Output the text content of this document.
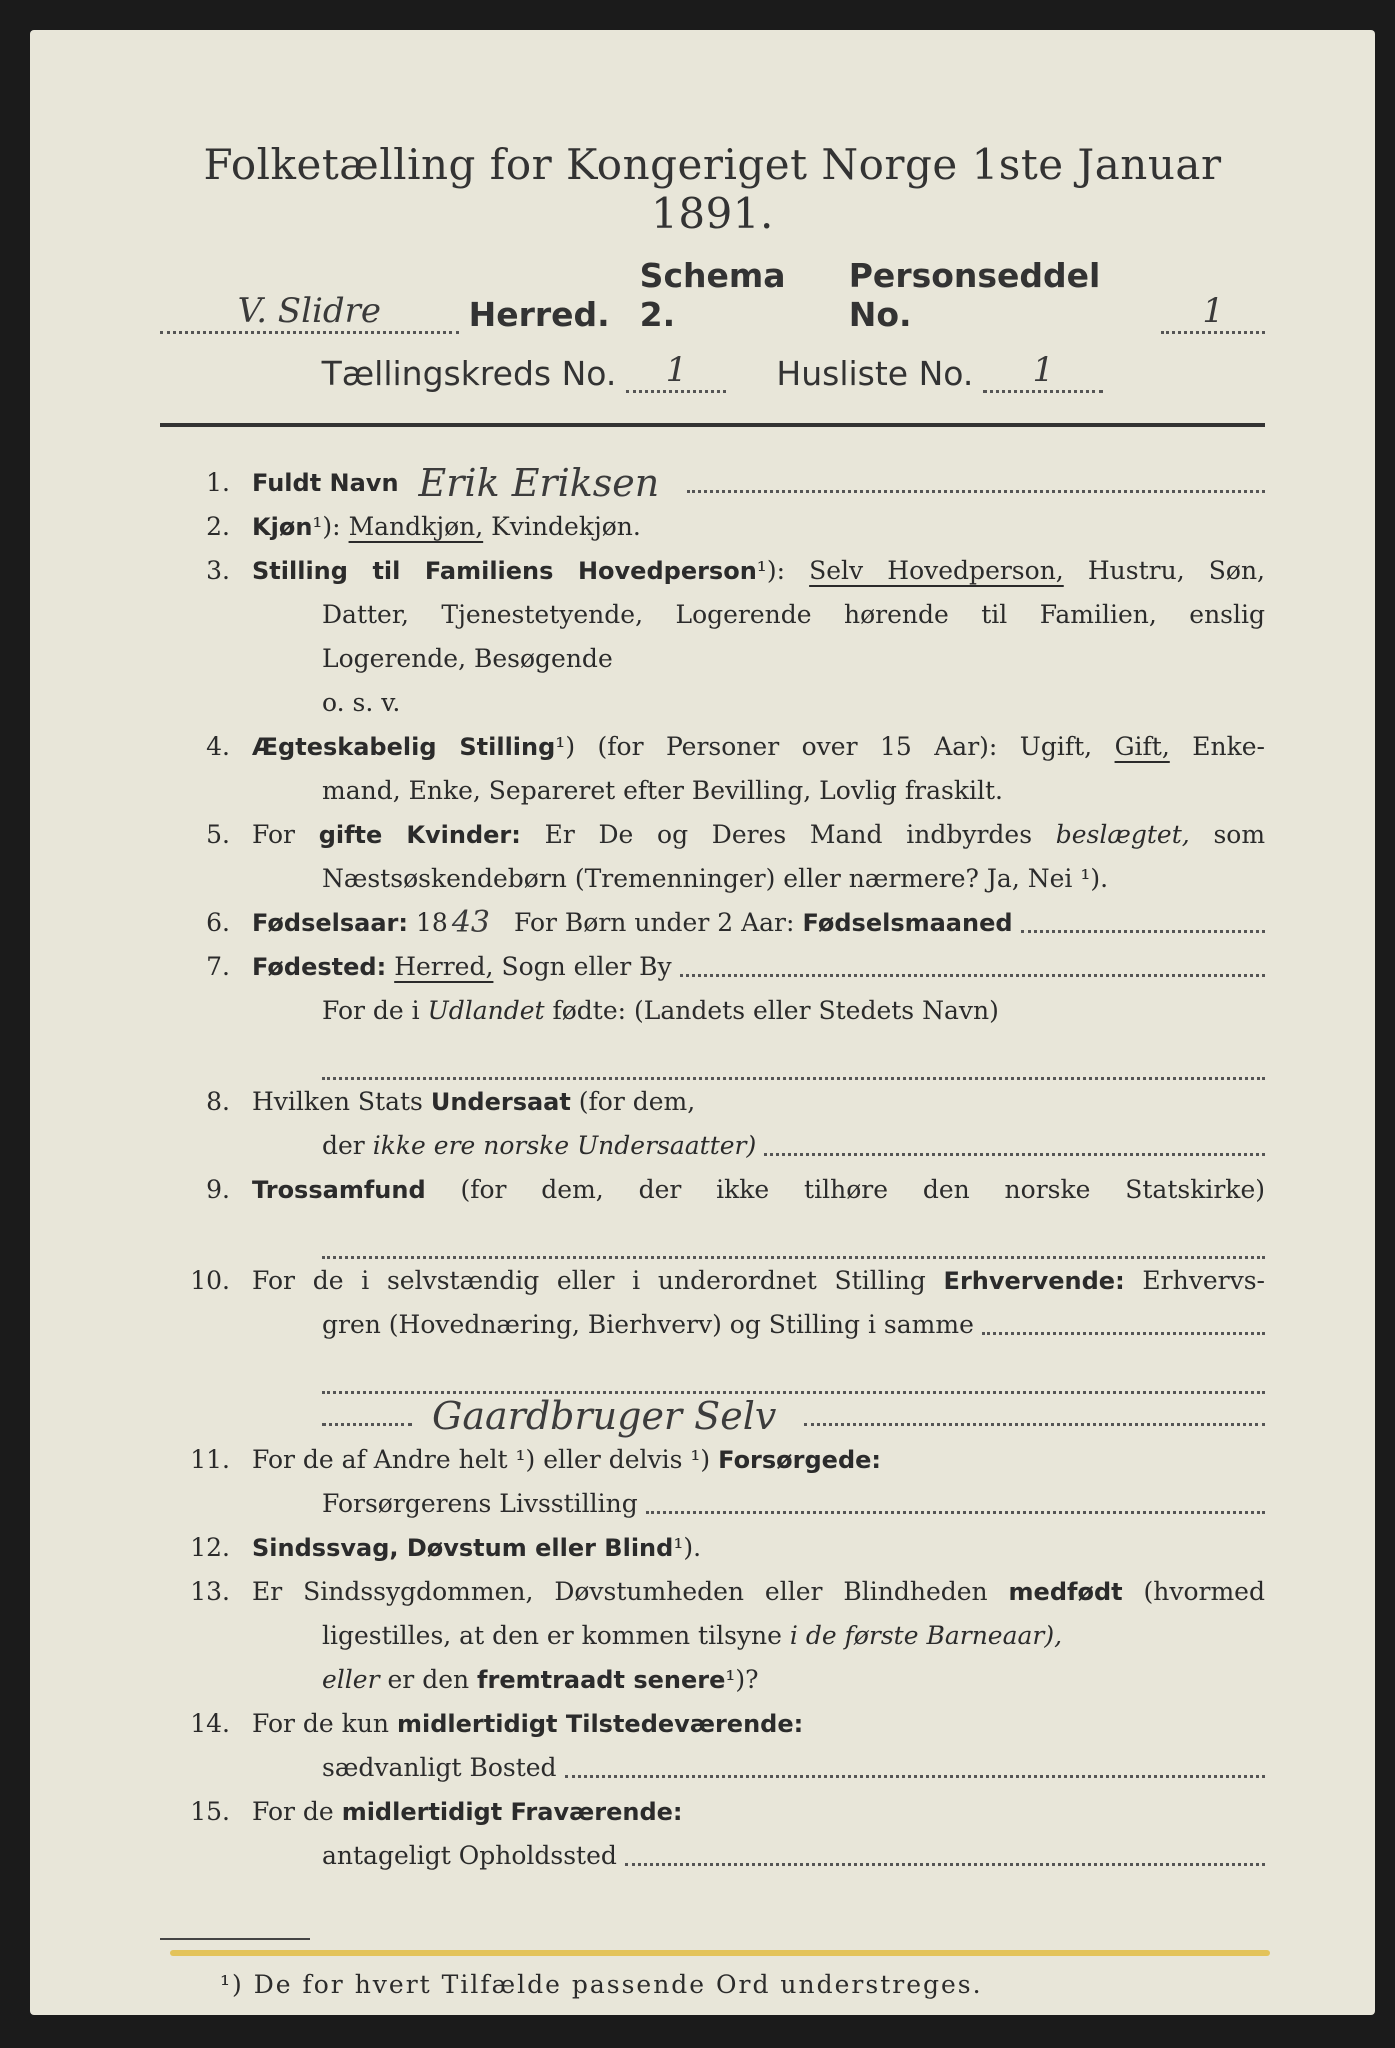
Folketælling for Kongeriget Norge 1ste Januar 1891.
V. Slidre	Herred.
Schema 2.
Personseddel No.	1
Tællingskreds No.	1	Husliste No.	1
1. Fuldt Navn Erik Eriksen
2. Kjøn¹): Mandkjøn, Kvindekjøn.
3. Stilling til Familiens Hovedperson¹): Selv Hovedperson, Hustru, Søn,
Datter, Tjenestetyende, Logerende hørende til Familien, enslig
Logerende, Besøgende
o. s. v.
4. Ægteskabelig Stilling¹) (for Personer over 15 Aar): Ugift, Gift, Enke-
mand, Enke, Separeret efter Bevilling, Lovlig fraskilt.
5. For gifte Kvinder: Er De og Deres Mand indbyrdes beslægtet, som
Næstsøskendebørn (Tremenninger) eller nærmere? Ja, Nei ¹).
6. Fødselsaar: 18 43 For Børn under 2 Aar: Fødselsmaaned
7. Fødested: Herred, Sogn eller By
For de i Udlandet fødte: (Landets eller Stedets Navn)
8. Hvilken Stats Undersaat (for dem,
der ikke ere norske Undersaatter)
9. Trossamfund (for dem, der ikke tilhøre den norske Statskirke)
10. For de i selvstændig eller i underordnet Stilling Erhvervende: Erhvervs-
gren (Hovednæring, Bierhverv) og Stilling i samme
Gaardbruger Selv
11. For de af Andre helt ¹) eller delvis ¹) Forsørgede:
Forsørgerens Livsstilling
12. Sindssvag, Døvstum eller Blind¹).
13. Er Sindssygdommen, Døvstumheden eller Blindheden medfødt (hvormed
ligestilles, at den er kommen tilsyne i de første Barneaar),
eller er den fremtraadt senere¹)?
14. For de kun midlertidigt Tilstedeværende:
sædvanligt Bosted
15. For de midlertidigt Fraværende:
antageligt Opholdssted
¹) De for hvert Tilfælde passende Ord understreges.
